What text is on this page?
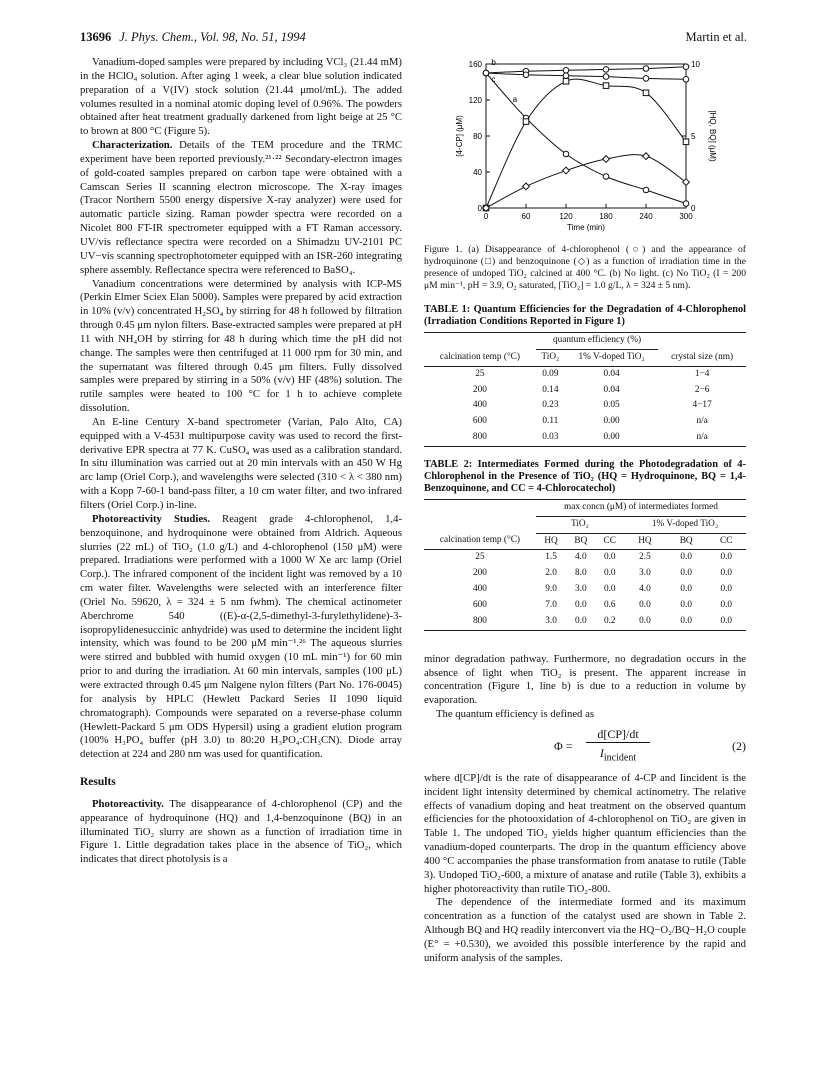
13696 J. Phys. Chem., Vol. 98, No. 51, 1994	Martin et al.

Vanadium-doped samples were prepared by including VCl₃ (21.44 mM) in the HClO₄ solution. After aging 1 week, a clear blue solution indicated preparation of a V(IV) stock solution (21.44 μmol/mL). The added volumes resulted in a nominal atomic doping level of 0.96%. The powders obtained after heat treatment gradually darkened from light beige at 25 °C to brown at 800 °C (Figure 5).

Characterization. Details of the TEM procedure and the TRMC experiment have been reported previously.²¹·²² Secondary-electron images of gold-coated samples prepared on carbon tape were obtained with a Camscan Series II scanning electron microscope. The X-ray images (Tracor Northern 5500 energy dispersive X-ray analyzer) were used for automatic particle sizing. Raman powder spectra were recorded on a Nicolet 800 FT-IR spectrometer equipped with a FT Raman accessory. UV/vis reflectance spectra were recorded on a Shimadzu UV-2101 PC UV−vis scanning spectrophotometer equipped with an ISR-260 integrating sphere assembly. Reflectance spectra were referenced to BaSO₄.

Vanadium concentrations were determined by analysis with ICP-MS (Perkin Elmer Sciex Elan 5000). Samples were prepared by acid extraction in 10% (v/v) concentrated H₂SO₄ by stirring for 48 h followed by filtration through 0.45 μm nylon filters. Base-extracted samples were prepared at pH 11 with NH₄OH by stirring for 48 h during which time the pH did not change. The samples were then centrifuged at 11 000 rpm for 30 min, and the supernatant was filtered through 0.45 μm filters. Fully dissolved samples were prepared by stirring in a 50% (v/v) HF (48%) solution. The rutile samples were heated to 100 °C for 1 h to achieve complete dissolution.

An E-line Century X-band spectrometer (Varian, Palo Alto, CA) equipped with a V-4531 multipurpose cavity was used to record the first-derivative EPR spectra at 77 K. CuSO₄ was used as a calibration standard. In situ illumination was carried out at 20 min intervals with an 450 W Hg arc lamp (Oriel Corp.), and wavelengths were selected (310 < λ < 380 nm) with a Kopp 7-60-1 band-pass filter, a 10 cm water filter, and two infrared filters (Oriel Corp.) in-line.

Photoreactivity Studies. Reagent grade 4-chlorophenol, 1,4-benzoquinone, and hydroquinone were obtained from Aldrich. Aqueous slurries (22 mL) of TiO₂ (1.0 g/L) and 4-chlorophenol (150 μM) were prepared. Irradiations were performed with a 1000 W Xe arc lamp (Oriel Corp.). The infrared component of the incident light was removed by a 10 cm water filter. Wavelengths were selected with an interference filter (Oriel No. 59620, λ = 324 ± 5 nm fwhm). The chemical actinometer Aberchrome 540 ((E)-α-(2,5-dimethyl-3-furylethylidene)-3-isopropylidenesuccinic anhydride) was used to determine the incident light intensity, which was found to be 200 μM min⁻¹.²⁶ The aqueous slurries were stirred and bubbled with humid oxygen (10 mL min⁻¹) for 60 min prior to and during the irradiation. At 60 min intervals, samples (100 μL) were extracted through 0.45 μm Nalgene nylon filters (Part No. 176-0045) for analysis by HPLC (Hewlett Packard Series II 1090 liquid chromatograph). Compounds were separated on a reverse-phase column (Hewlett-Packard 5 μm ODS Hypersil) using a gradient elution program (100% H₃PO₄ buffer (pH 3.0) to 80:20 H₃PO₄:CH₃CN). Diode array detection at 224 and 280 nm was used for quantification.

Results

Photoreactivity. The disappearance of 4-chlorophenol (CP) and the appearance of hydroquinone (HQ) and 1,4-benzoquinone (BQ) in an illuminated TiO₂ slurry are shown as a function of irradiation time in Figure 1. Little degradation takes place in the absence of TiO₂, which indicates that direct photolysis is a

0	60	120	180	240	300
0
40
80
120
160
0
5
10
Time (min)
[4-CP] (μM)	[HQ, BQ] (μM)
a
b
c
Figure 1. (a) Disappearance of 4-chlorophenol (○) and the appearance of hydroquinone (□) and benzoquinone (◇) as a function of irradiation time in the presence of undoped TiO₂ calcined at 400 °C. (b) No light. (c) No TiO₂ (I = 200 μM min⁻¹, pH = 3.9, O₂ saturated, [TiO₂] = 1.0 g/L, λ = 324 ± 5 nm).
TABLE 1: Quantum Efficiencies for the Degradation of 4-Chlorophenol (Irradiation Conditions Reported in Figure 1)
	quantum efficiency (%)		
calcination temp (°C)	TiO₂	1% V-doped TiO₂	crystal size (nm)
25	0.09	0.04	1−4
200	0.14	0.04	2−6
400	0.23	0.05	4−17
600	0.11	0.00	n/a
800	0.03	0.00	n/a
TABLE 2: Intermediates Formed during the Photodegradation of 4-Chlorophenol in the Presence of TiO₂ (HQ = Hydroquinone, BQ = 1,4-Benzoquinone, and CC = 4-Chlorocatechol)
	max concn (μM) of intermediates formed					
	TiO₂			1% V-doped TiO₂		
calcination temp (°C)	HQ	BQ	CC	HQ	BQ	CC
25	1.5	4.0	0.0	2.5	0.0	0.0
200	2.0	8.0	0.0	3.0	0.0	0.0
400	9.0	3.0	0.0	4.0	0.0	0.0
600	7.0	0.0	0.6	0.0	0.0	0.0
800	3.0	0.0	0.2	0.0	0.0	0.0

minor degradation pathway. Furthermore, no degradation occurs in the absence of light when TiO₂ is present. The apparent increase in concentration (Figure 1, line b) is due to a reduction in volume by evaporation.

The quantum efficiency is defined as

Φ =
d[CP]/dt
$I_{incident}$
(2)

where d[CP]/dt is the rate of disappearance of 4-CP and Iincident is the incident light intensity determined by chemical actinometry. The relative effects of vanadium doping and heat treatment on the observed quantum efficiencies for the photooxidation of 4-chlorophenol on TiO₂ are given in Table 1. The undoped TiO₂ yields higher quantum efficiencies than the vanadium-doped counterparts. The drop in the quantum efficiency above 400 °C accompanies the phase transformation from anatase to rutile (Table 3). Undoped TiO₂-600, a mixture of anatase and rutile (Table 3), exhibits a higher photoreactivity than rutile TiO₂-800.

The dependence of the intermediate formed and its maximum concentration as a function of the catalyst used are shown in Table 2. Although BQ and HQ readily interconvert via the HQ−O₂/BQ−H₂O couple (E° = +0.530), we avoided this possible interference by the rapid and uniform analysis of the samples.
